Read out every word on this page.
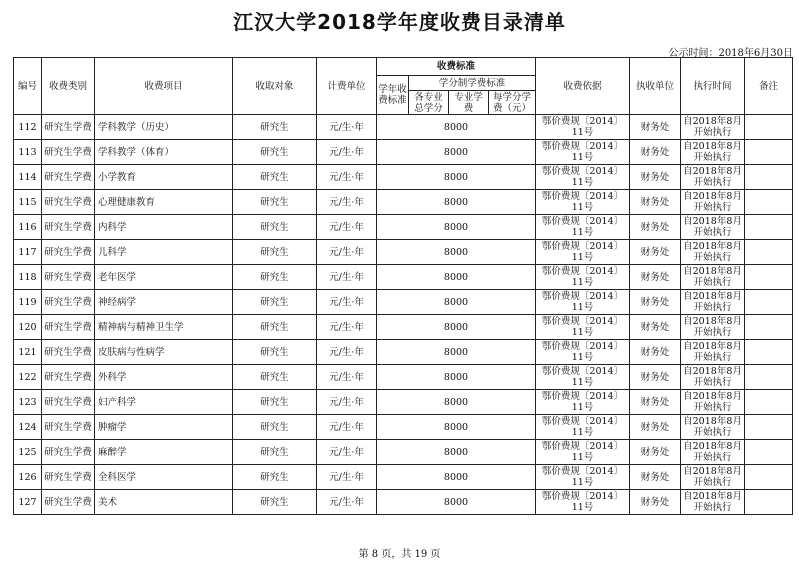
江汉大学2018学年度收费目录清单
公示时间：2018年6月30日
编号	收费类别	收费项目	收取对象	计费单位	收费标准				收费依据	执收单位	执行时间	备注
					学年收费标准	学分制学费标准						
						各专业总学分	专业学费	每学分学费（元）				
112	研究生学费	学科教学（历史）	研究生	元/生·年	8000				鄂价费规〔2014〕11号	财务处	自2018年8月开始执行	
113	研究生学费	学科教学（体育）	研究生	元/生·年	8000				鄂价费规〔2014〕11号	财务处	自2018年8月开始执行	
114	研究生学费	小学教育	研究生	元/生·年	8000				鄂价费规〔2014〕11号	财务处	自2018年8月开始执行	
115	研究生学费	心理健康教育	研究生	元/生·年	8000				鄂价费规〔2014〕11号	财务处	自2018年8月开始执行	
116	研究生学费	内科学	研究生	元/生·年	8000				鄂价费规〔2014〕11号	财务处	自2018年8月开始执行	
117	研究生学费	儿科学	研究生	元/生·年	8000				鄂价费规〔2014〕11号	财务处	自2018年8月开始执行	
118	研究生学费	老年医学	研究生	元/生·年	8000				鄂价费规〔2014〕11号	财务处	自2018年8月开始执行	
119	研究生学费	神经病学	研究生	元/生·年	8000				鄂价费规〔2014〕11号	财务处	自2018年8月开始执行	
120	研究生学费	精神病与精神卫生学	研究生	元/生·年	8000				鄂价费规〔2014〕11号	财务处	自2018年8月开始执行	
121	研究生学费	皮肤病与性病学	研究生	元/生·年	8000				鄂价费规〔2014〕11号	财务处	自2018年8月开始执行	
122	研究生学费	外科学	研究生	元/生·年	8000				鄂价费规〔2014〕11号	财务处	自2018年8月开始执行	
123	研究生学费	妇产科学	研究生	元/生·年	8000				鄂价费规〔2014〕11号	财务处	自2018年8月开始执行	
124	研究生学费	肿瘤学	研究生	元/生·年	8000				鄂价费规〔2014〕11号	财务处	自2018年8月开始执行	
125	研究生学费	麻醉学	研究生	元/生·年	8000				鄂价费规〔2014〕11号	财务处	自2018年8月开始执行	
126	研究生学费	全科医学	研究生	元/生·年	8000				鄂价费规〔2014〕11号	财务处	自2018年8月开始执行	
127	研究生学费	美术	研究生	元/生·年	8000				鄂价费规〔2014〕11号	财务处	自2018年8月开始执行	
第 8 页，共 19 页
